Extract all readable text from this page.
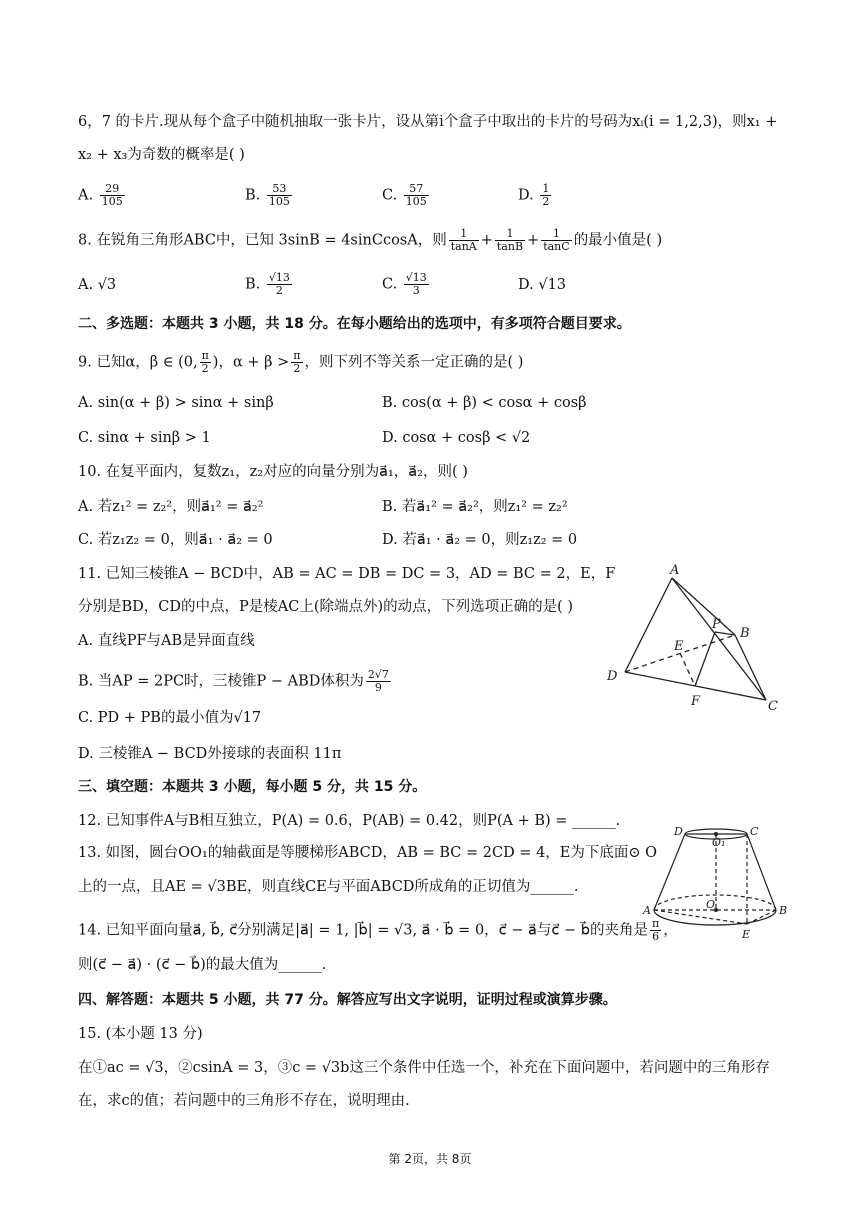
6，7 的卡片.现从每个盒子中随机抽取一张卡片，设从第i个盒子中取出的卡片的号码为xᵢ(i = 1,2,3)，则x₁ +
x₂ + x₃为奇数的概率是( )
A. $\frac{29}{105}$	B. $\frac{53}{105}$	C. $\frac{57}{105}$	D. $\frac{1}{2}$
8. 在锐角三角形ABC中，已知 3sinB = 4sinCcosA，则 $\frac{1}{\tan A} + \frac{1}{\tan B} + \frac{1}{\tan C}$ 的最小值是( )
A. √3	B. $\frac{√13}{2}$	C. $\frac{√13}{3}$	D. √13
二、多选题：本题共 3 小题，共 18 分。在每小题给出的选项中，有多项符合题目要求。
9. 已知α，β ∈ (0, $\frac{\pi}{2}$ )，$\alpha + \beta > \frac{\pi}{2}$ ，则下列不等关系一定正确的是( )
A. sin(α + β) > sinα + sinβ	B. cos(α + β) < cosα + cosβ
C. sinα + sinβ > 1	D. cosα + cosβ < √2
10. 在复平面内，复数z₁，z₂对应的向量分别为a⃗₁，a⃗₂，则( )
A. 若z₁² = z₂²，则a⃗₁² = a⃗₂²	B. 若a⃗₁² = a⃗₂²，则z₁² = z₂²
C. 若z₁z₂ = 0，则a⃗₁ · a⃗₂ = 0	D. 若a⃗₁ · a⃗₂ = 0，则z₁z₂ = 0
11. 已知三棱锥A − BCD中，AB = AC = DB = DC = 3，AD = BC = 2，E，F
分别是BD，CD的中点，P是棱AC上(除端点外)的动点，下列选项正确的是( )
A. 直线PF与AB是异面直线
B. 当AP = 2PC时，三棱锥P − ABD体积为 $\frac{2√7}{9}$
C. PD + PB的最小值为√17
D. 三棱锥A − BCD外接球的表面积 11π
A
B
C
D
E
F
P
三、填空题：本题共 3 小题，每小题 5 分，共 15 分。
12. 已知事件A与B相互独立，P(A) = 0.6，P(AB) = 0.42，则P(A + B) = ______.
13. 如图，圆台OO₁的轴截面是等腰梯形ABCD，AB = BC = 2CD = 4，E为下底面⊙ O
上的一点，且AE = √3BE，则直线CE与平面ABCD所成角的正切值为______.
D	C
O₁
A	B
O
E
14. 已知平面向量a⃗, b⃗, c⃗分别满足|a⃗| = 1, |b⃗| = √3, a⃗ · b⃗ = 0，c⃗ − a⃗与c⃗ − b⃗的夹角是 $\frac{\pi}{6}$ ，
则(c⃗ − a⃗) · (c⃗ − b⃗)的最大值为______.
四、解答题：本题共 5 小题，共 77 分。解答应写出文字说明，证明过程或演算步骤。
15. (本小题 13 分)
在①ac = √3，②csinA = 3，③c = √3b这三个条件中任选一个，补充在下面问题中，若问题中的三角形存
在，求c的值；若问题中的三角形不存在，说明理由.
第 2页，共 8页
